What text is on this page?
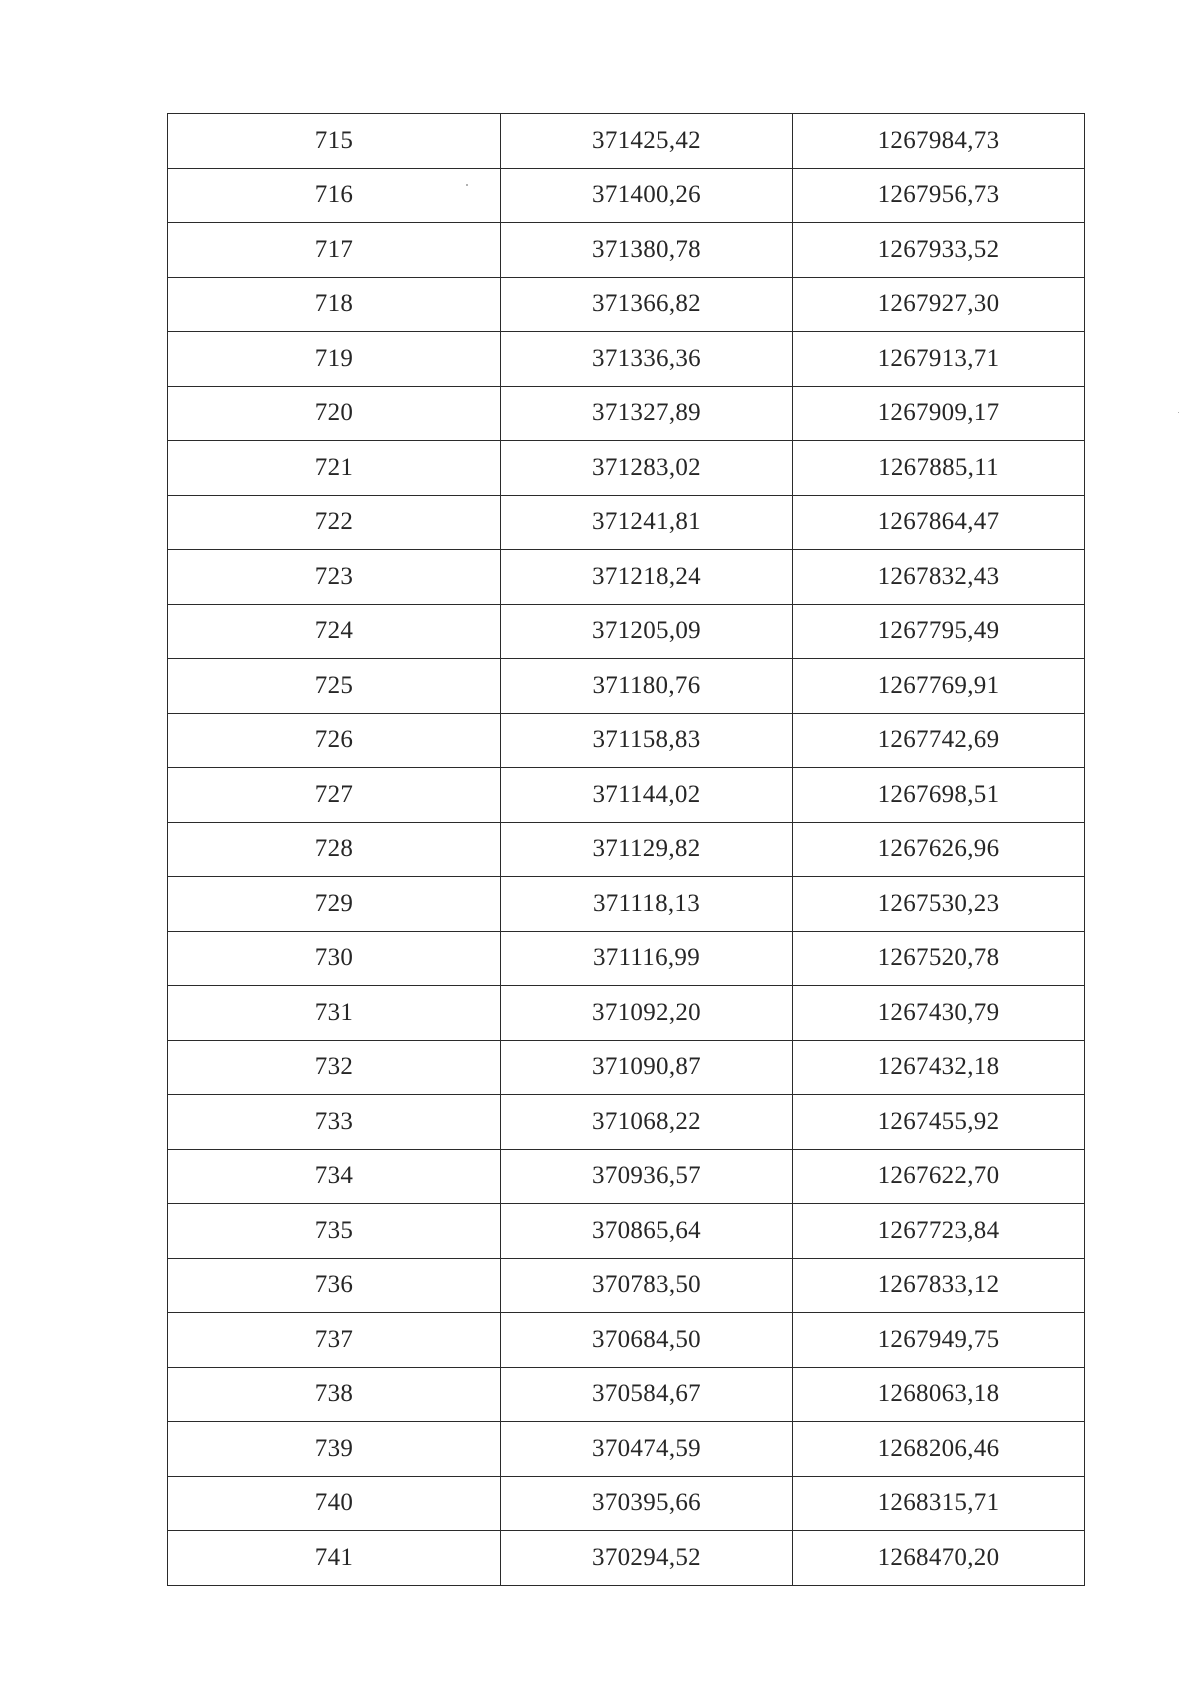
715	371425,42	1267984,73
716	371400,26	1267956,73
717	371380,78	1267933,52
718	371366,82	1267927,30
719	371336,36	1267913,71
720	371327,89	1267909,17
721	371283,02	1267885,11
722	371241,81	1267864,47
723	371218,24	1267832,43
724	371205,09	1267795,49
725	371180,76	1267769,91
726	371158,83	1267742,69
727	371144,02	1267698,51
728	371129,82	1267626,96
729	371118,13	1267530,23
730	371116,99	1267520,78
731	371092,20	1267430,79
732	371090,87	1267432,18
733	371068,22	1267455,92
734	370936,57	1267622,70
735	370865,64	1267723,84
736	370783,50	1267833,12
737	370684,50	1267949,75
738	370584,67	1268063,18
739	370474,59	1268206,46
740	370395,66	1268315,71
741	370294,52	1268470,20
